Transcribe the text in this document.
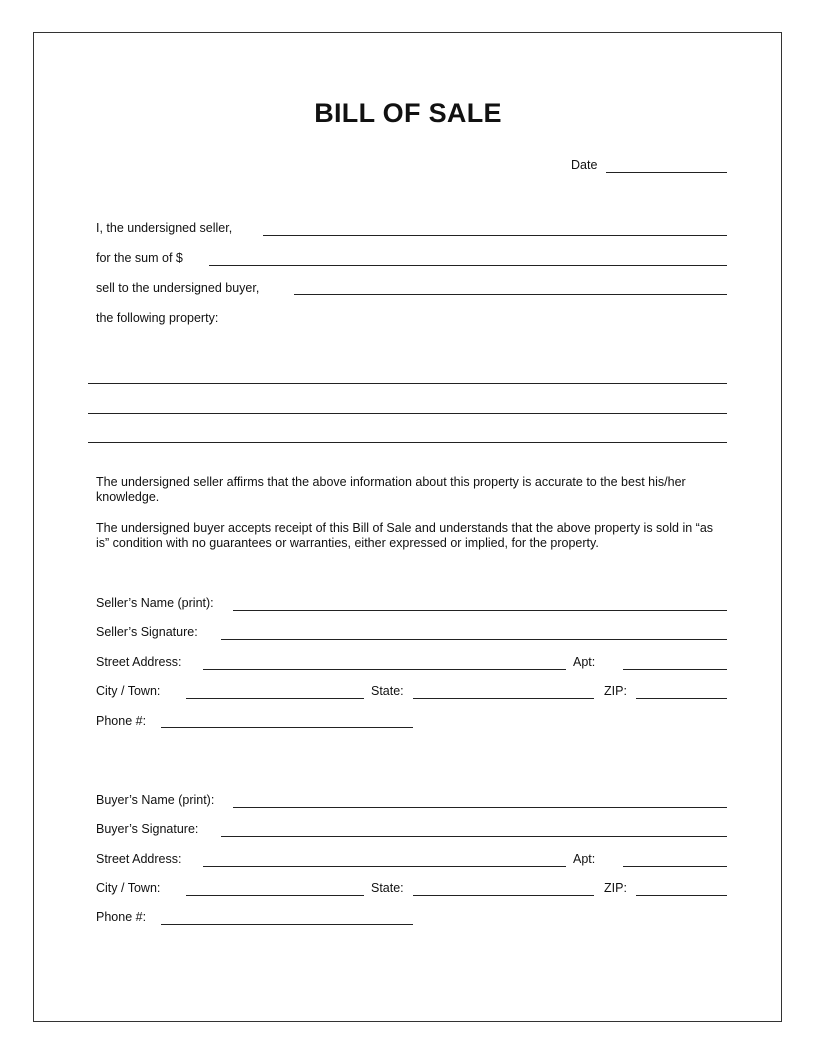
BILL OF SALE
Date
I, the undersigned seller,
for the sum of $
sell to the undersigned buyer,
the following property:
The undersigned seller affirms that the above information about this property is accurate to the best his/her knowledge.
The undersigned buyer accepts receipt of this Bill of Sale and understands that the above property is sold in “as is” condition with no guarantees or warranties, either expressed or implied, for the property.
Seller’s Name (print):
Seller’s Signature:
Street Address:	Apt:
City / Town:	State:	ZIP:
Phone #:
Buyer’s Name (print):
Buyer’s Signature:
Street Address:	Apt:
City / Town:	State:	ZIP:
Phone #:
